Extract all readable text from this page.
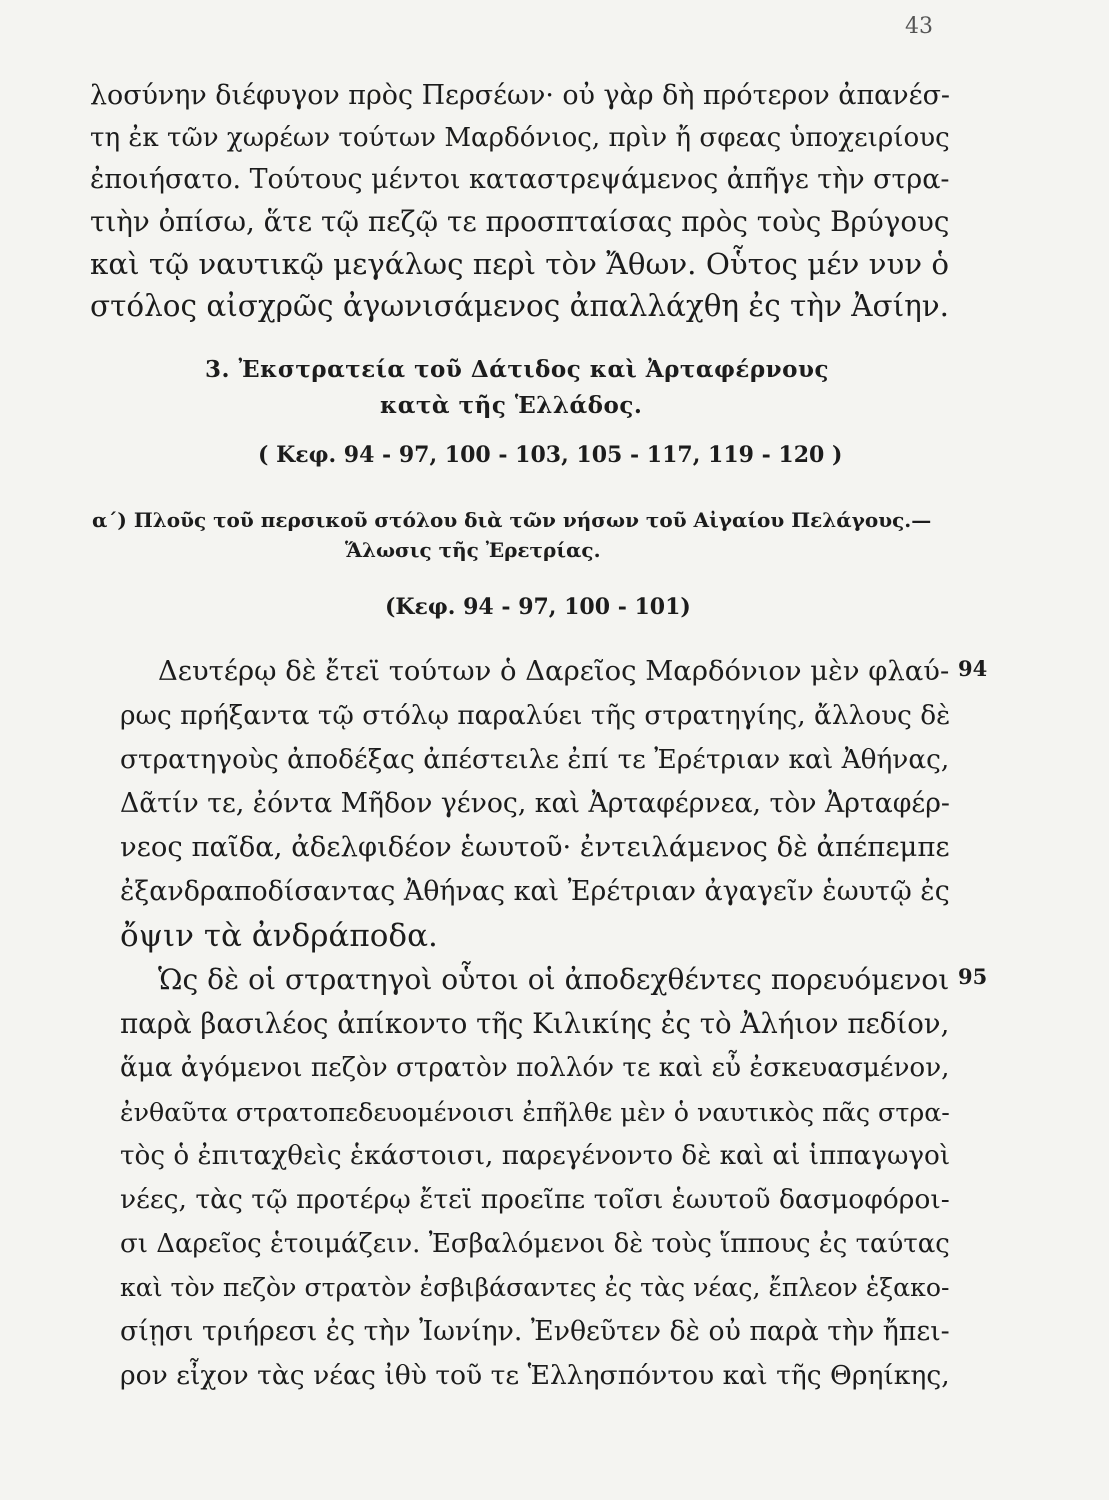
43
λοσύνην διέφυγον πρὸς Περσέων· οὐ γὰρ δὴ πρότερον ἀπανέσ-
τη ἐκ τῶν χωρέων τούτων Μαρδόνιος, πρὶν ἤ σφεας ὑποχειρίους
ἐποιήσατο. Τούτους μέντοι καταστρεψάμενος ἀπῆγε τὴν στρα-
τιὴν ὀπίσω, ἅτε τῷ πεζῷ τε προσπταίσας πρὸς τοὺς Βρύγους
καὶ τῷ ναυτικῷ μεγάλως περὶ τὸν Ἄθων. Οὗτος μέν νυν ὁ
στόλος αἰσχρῶς ἀγωνισάμενος ἀπαλλάχθη ἐς τὴν Ἀσίην.
3. Ἐκστρατεία τοῦ Δάτιδος καὶ Ἀρταφέρνους
κατὰ τῆς Ἑλλάδος.
( Κεφ. 94 - 97, 100 - 103, 105 - 117, 119 - 120 )
α΄) Πλοῦς τοῦ περσικοῦ στόλου διὰ τῶν νήσων τοῦ Αἰγαίου Πελάγους.—
Ἅλωσις τῆς Ἐρετρίας.
(Κεφ. 94 - 97, 100 - 101)
Δευτέρῳ δὲ ἔτεϊ τούτων ὁ Δαρεῖος Μαρδόνιον μὲν φλαύ-
ρως πρήξαντα τῷ στόλῳ παραλύει τῆς στρατηγίης, ἄλλους δὲ
στρατηγοὺς ἀποδέξας ἀπέστειλε ἐπί τε Ἐρέτριαν καὶ Ἀθήνας,
Δᾶτίν τε, ἐόντα Μῆδον γένος, καὶ Ἀρταφέρνεα, τὸν Ἀρταφέρ-
νεος παῖδα, ἀδελφιδέον ἑωυτοῦ· ἐντειλάμενος δὲ ἀπέπεμπε
ἐξανδραποδίσαντας Ἀθήνας καὶ Ἐρέτριαν ἀγαγεῖν ἑωυτῷ ἐς
ὄψιν τὰ ἀνδράποδα.
94
Ὡς δὲ οἱ στρατηγοὶ οὗτοι οἱ ἀποδεχθέντες πορευόμενοι
παρὰ βασιλέος ἀπίκοντο τῆς Κιλικίης ἐς τὸ Ἀλήιον πεδίον,
ἅμα ἀγόμενοι πεζὸν στρατὸν πολλόν τε καὶ εὖ ἐσκευασμένον,
ἐνθαῦτα στρατοπεδευομένοισι ἐπῆλθε μὲν ὁ ναυτικὸς πᾶς στρα-
τὸς ὁ ἐπιταχθεὶς ἑκάστοισι, παρεγένοντο δὲ καὶ αἱ ἱππαγωγοὶ
νέες, τὰς τῷ προτέρῳ ἔτεϊ προεῖπε τοῖσι ἑωυτοῦ δασμοφόροι-
σι Δαρεῖος ἑτοιμάζειν. Ἐσβαλόμενοι δὲ τοὺς ἵππους ἐς ταύτας
καὶ τὸν πεζὸν στρατὸν ἐσβιβάσαντες ἐς τὰς νέας, ἔπλεον ἑξακο-
σίῃσι τριήρεσι ἐς τὴν Ἰωνίην. Ἐνθεῦτεν δὲ οὐ παρὰ τὴν ἤπει-
ρον εἶχον τὰς νέας ἰθὺ τοῦ τε Ἑλλησπόντου καὶ τῆς Θρηίκης,
95
